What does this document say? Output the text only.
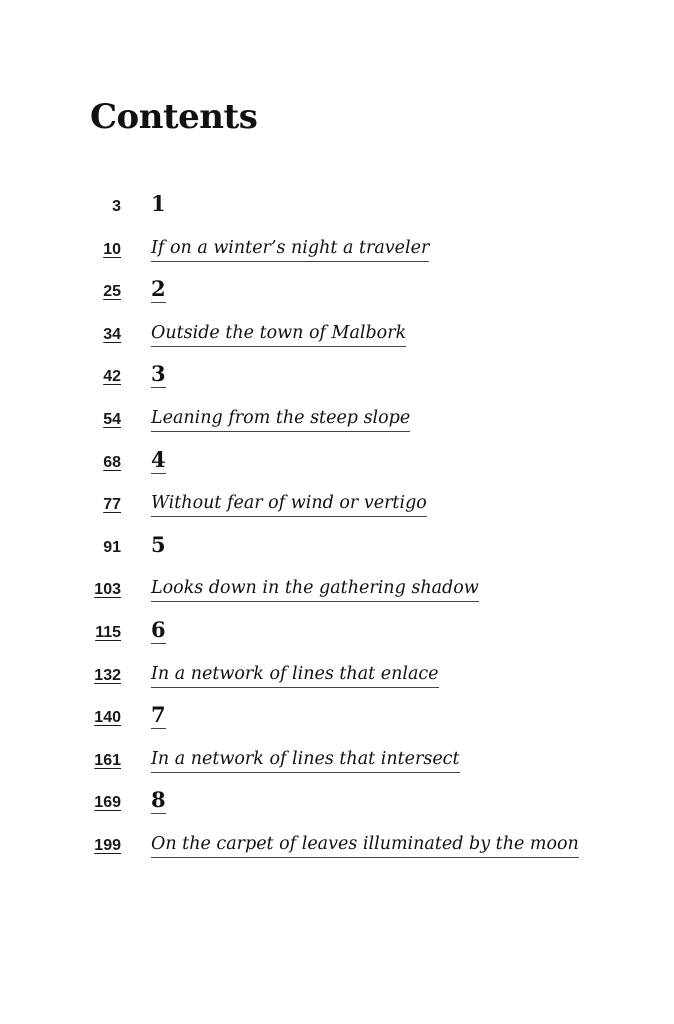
Contents
3 1
10 If on a winter’s night a traveler
25 2
34 Outside the town of Malbork
42 3
54 Leaning from the steep slope
68 4
77 Without fear of wind or vertigo
91 5
103 Looks down in the gathering shadow
115 6
132 In a network of lines that enlace
140 7
161 In a network of lines that intersect
169 8
199 On the carpet of leaves illuminated by the moon
